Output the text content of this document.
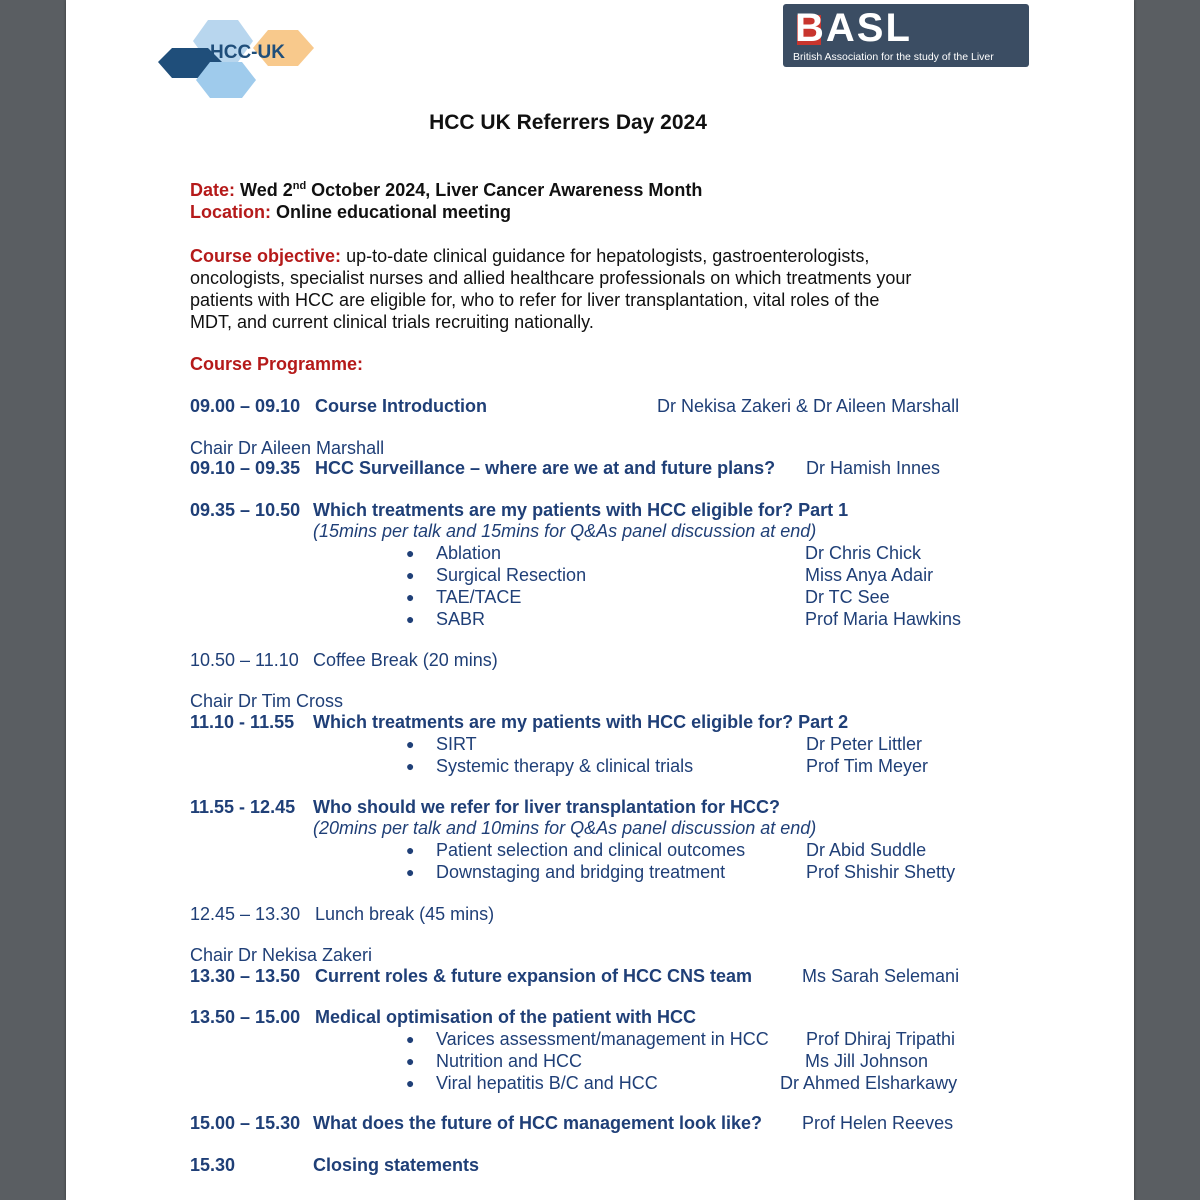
HCC-UK
BASL
British Association for the study of the Liver
HCC UK Referrers Day 2024
Date: Wed 2nd October 2024, Liver Cancer Awareness Month
Location: Online educational meeting
Course objective: up-to-date clinical guidance for hepatologists, gastroenterologists,
oncologists, specialist nurses and allied healthcare professionals on which treatments your
patients with HCC are eligible for, who to refer for liver transplantation, vital roles of the
MDT, and current clinical trials recruiting nationally.
Course Programme:
09.00 – 09.10 Course Introduction	Dr Nekisa Zakeri & Dr Aileen Marshall
Chair Dr Aileen Marshall
09.10 – 09.35 HCC Surveillance – where are we at and future plans? Dr Hamish Innes
09.35 – 10.50 Which treatments are my patients with HCC eligible for? Part 1
(15mins per talk and 15mins for Q&As panel discussion at end)
● Ablation	Dr Chris Chick
● Surgical Resection	Miss Anya Adair
● TAE/TACE	Dr TC See
● SABR	Prof Maria Hawkins
10.50 – 11.10 Coffee Break (20 mins)
Chair Dr Tim Cross
11.10 - 11.55 Which treatments are my patients with HCC eligible for? Part 2
● SIRT	Dr Peter Littler
● Systemic therapy & clinical trials	Prof Tim Meyer
11.55 - 12.45 Who should we refer for liver transplantation for HCC?
(20mins per talk and 10mins for Q&As panel discussion at end)
● Patient selection and clinical outcomes	Dr Abid Suddle
● Downstaging and bridging treatment	Prof Shishir Shetty
12.45 – 13.30 Lunch break (45 mins)
Chair Dr Nekisa Zakeri
13.30 – 13.50 Current roles & future expansion of HCC CNS team	Ms Sarah Selemani
13.50 – 15.00 Medical optimisation of the patient with HCC
● Varices assessment/management in HCC Prof Dhiraj Tripathi
● Nutrition and HCC	Ms Jill Johnson
● Viral hepatitis B/C and HCC	Dr Ahmed Elsharkawy
15.00 – 15.30 What does the future of HCC management look like? Prof Helen Reeves
15.30	Closing statements
